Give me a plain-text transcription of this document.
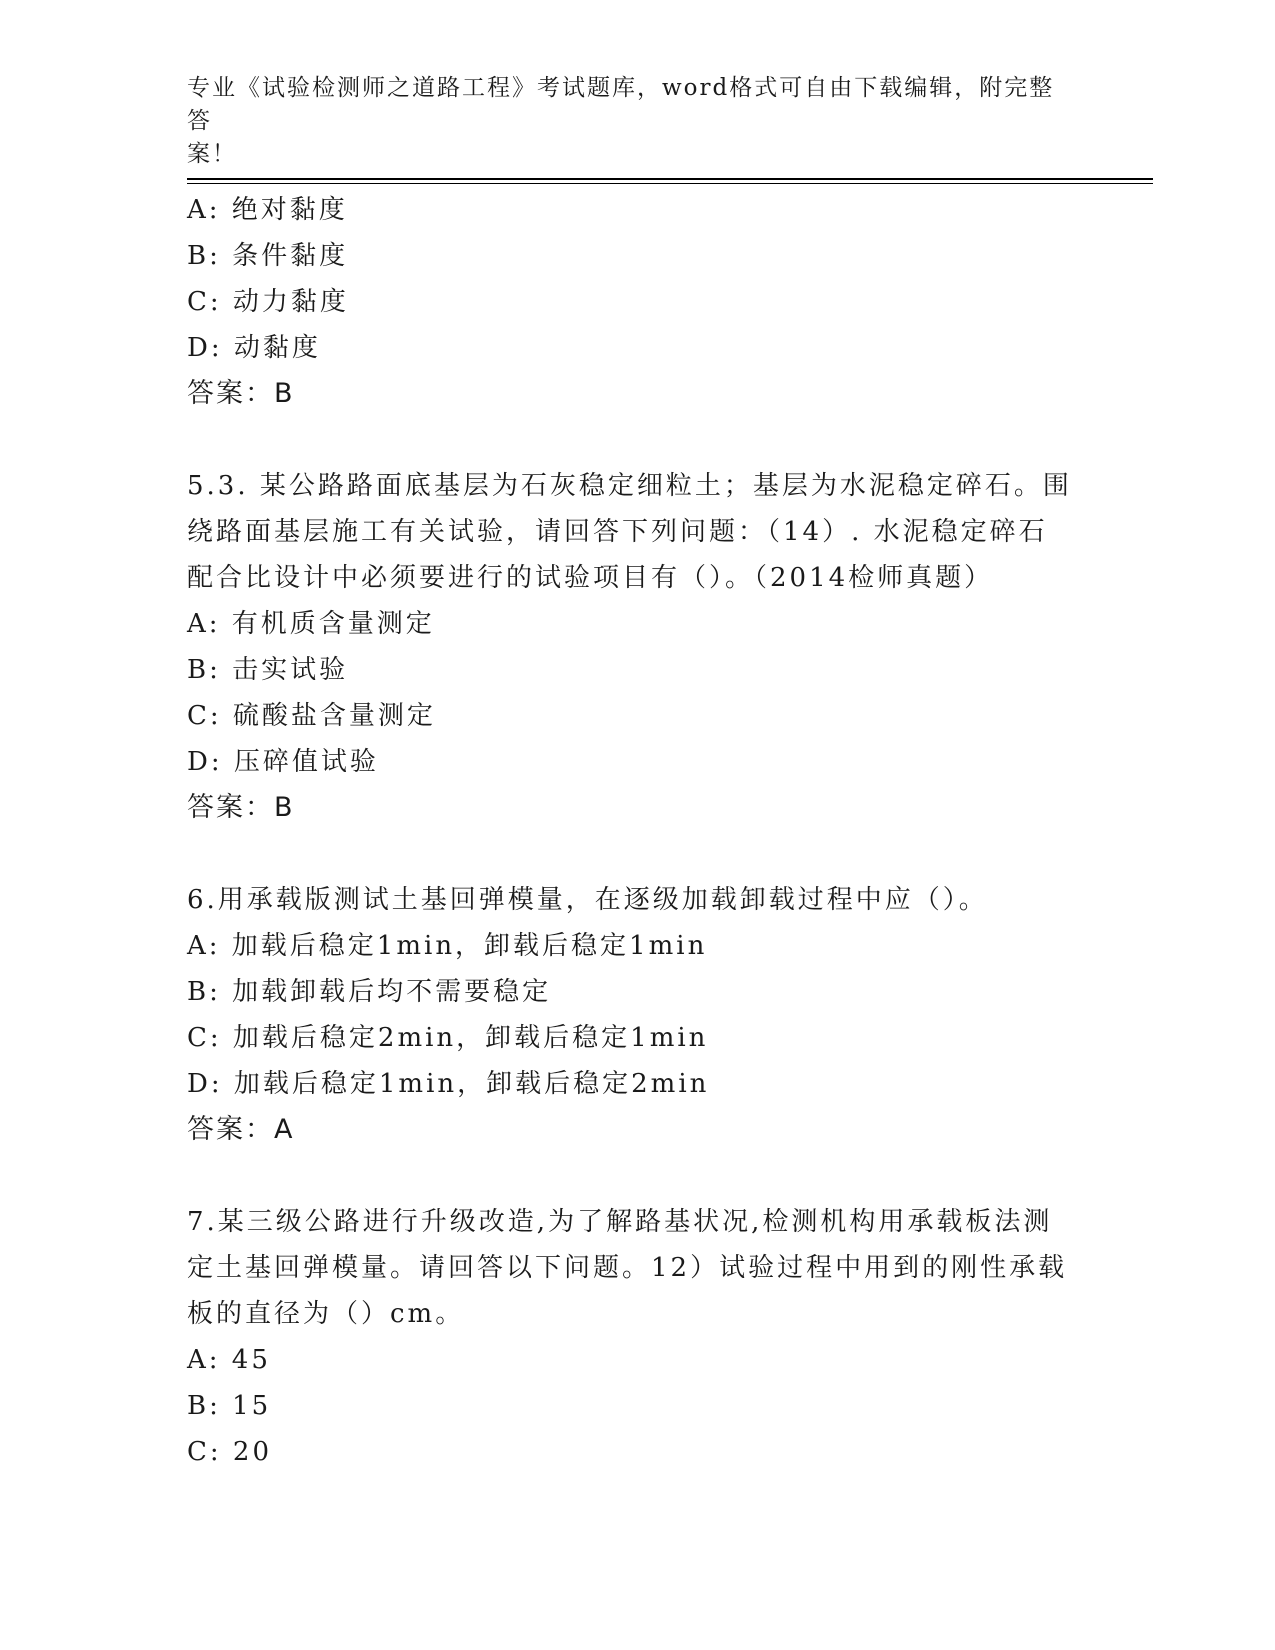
专业《试验检测师之道路工程》考试题库，word格式可自由下载编辑，附完整答
案！
A: 绝对黏度
B: 条件黏度
C: 动力黏度
D: 动黏度
答案：B
5.3. 某公路路面底基层为石灰稳定细粒土；基层为水泥稳定碎石。围
绕路面基层施工有关试验，请回答下列问题：（14）. 水泥稳定碎石
配合比设计中必须要进行的试验项目有（）。（2014检师真题）
A: 有机质含量测定
B: 击实试验
C: 硫酸盐含量测定
D: 压碎值试验
答案：B
6.用承载版测试土基回弹模量，在逐级加载卸载过程中应（）。
A: 加载后稳定1min，卸载后稳定1min
B: 加载卸载后均不需要稳定
C: 加载后稳定2min，卸载后稳定1min
D: 加载后稳定1min，卸载后稳定2min
答案：A
7.某三级公路进行升级改造,为了解路基状况,检测机构用承载板法测
定土基回弹模量。请回答以下问题。12）试验过程中用到的刚性承载
板的直径为（）cm。
A: 45
B: 15
C: 20
